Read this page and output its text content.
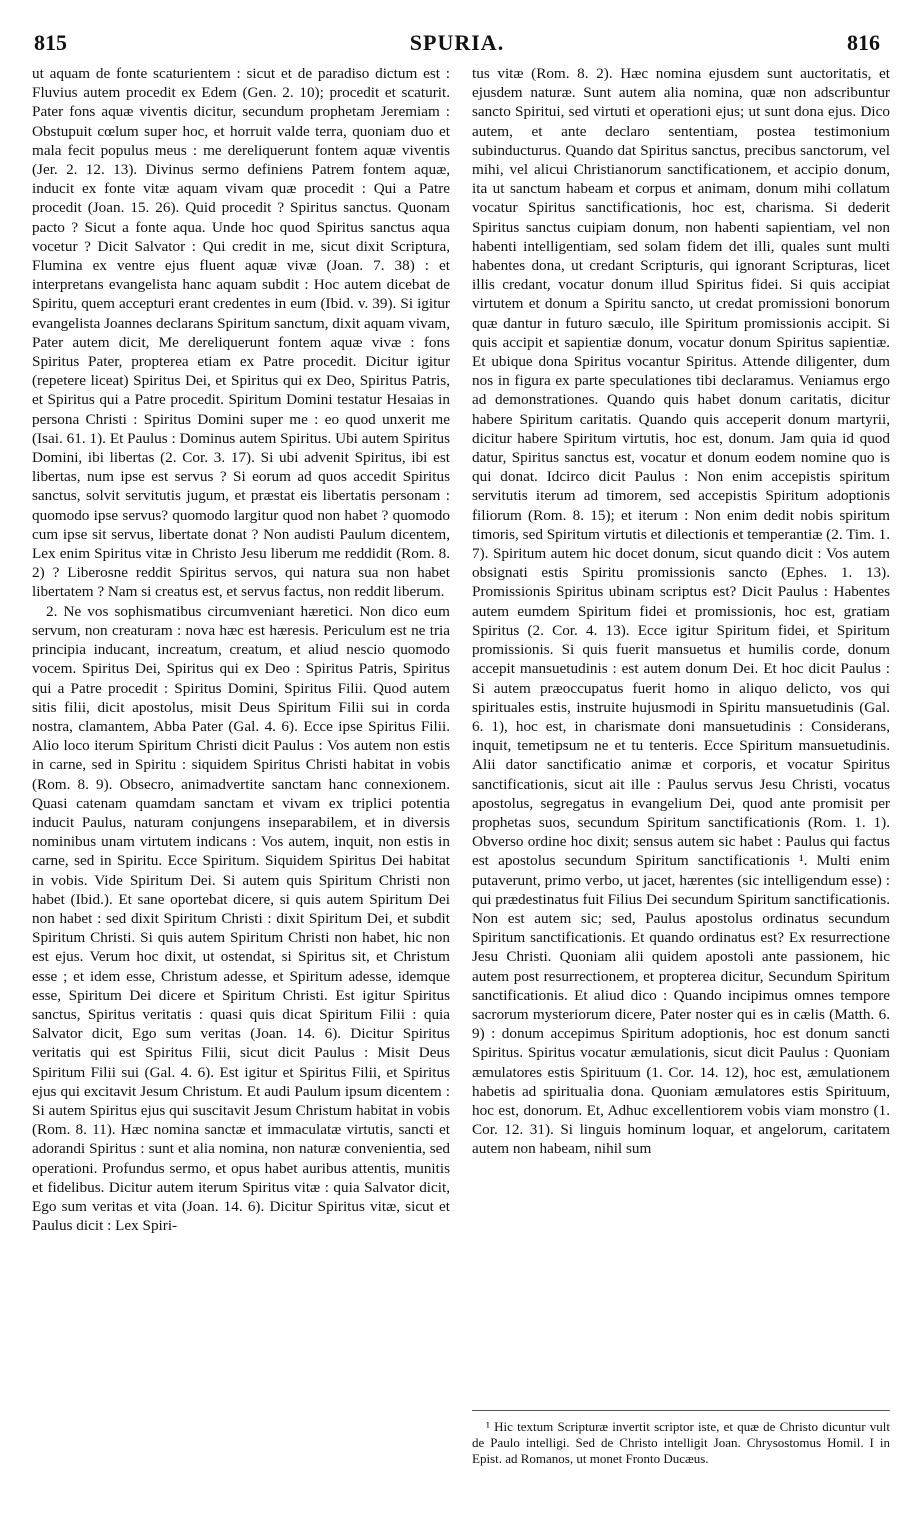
815	SPURIA.	816

ut aquam de fonte scaturientem : sicut et de paradiso dictum est : Fluvius autem procedit ex Edem (Gen. 2. 10); procedit et scaturit. Pater fons aquæ viventis dicitur, secundum prophetam Jeremiam : Obstupuit cœlum super hoc, et horruit valde terra, quoniam duo et mala fecit populus meus : me dereliquerunt fontem aquæ viventis (Jer. 2. 12. 13). Divinus sermo definiens Patrem fontem aquæ, inducit ex fonte vitæ aquam vivam quæ procedit : Qui a Patre procedit (Joan. 15. 26). Quid procedit ? Spiritus sanctus. Quonam pacto ? Sicut a fonte aqua. Unde hoc quod Spiritus sanctus aqua vocetur ? Dicit Salvator : Qui credit in me, sicut dixit Scriptura, Flumina ex ventre ejus fluent aquæ vivæ (Joan. 7. 38) : et interpretans evangelista hanc aquam subdit : Hoc autem dicebat de Spiritu, quem accepturi erant credentes in eum (Ibid. v. 39). Si igitur evangelista Joannes declarans Spiritum sanctum, dixit aquam vivam, Pater autem dicit, Me dereliquerunt fontem aquæ vivæ : fons Spiritus Pater, propterea etiam ex Patre procedit. Dicitur igitur (repetere liceat) Spiritus Dei, et Spiritus qui ex Deo, Spiritus Patris, et Spiritus qui a Patre procedit. Spiritum Domini testatur Hesaias in persona Christi : Spiritus Domini super me : eo quod unxerit me (Isai. 61. 1). Et Paulus : Dominus autem Spiritus. Ubi autem Spiritus Domini, ibi libertas (2. Cor. 3. 17). Si ubi advenit Spiritus, ibi est libertas, num ipse est servus ? Si eorum ad quos accedit Spiritus sanctus, solvit servitutis jugum, et præstat eis libertatis personam : quomodo ipse servus? quomodo largitur quod non habet ? quomodo cum ipse sit servus, libertate donat ? Non audisti Paulum dicentem, Lex enim Spiritus vitæ in Christo Jesu liberum me reddidit (Rom. 8. 2) ? Liberosne reddit Spiritus servos, qui natura sua non habet libertatem ? Nam si creatus est, et servus factus, non reddit liberum.

2. Ne vos sophismatibus circumveniant hæretici. Non dico eum servum, non creaturam : nova hæc est hæresis. Periculum est ne tria principia inducant, increatum, creatum, et aliud nescio quomodo vocem. Spiritus Dei, Spiritus qui ex Deo : Spiritus Patris, Spiritus qui a Patre procedit : Spiritus Domini, Spiritus Filii. Quod autem sitis filii, dicit apostolus, misit Deus Spiritum Filii sui in corda nostra, clamantem, Abba Pater (Gal. 4. 6). Ecce ipse Spiritus Filii. Alio loco iterum Spiritum Christi dicit Paulus : Vos autem non estis in carne, sed in Spiritu : siquidem Spiritus Christi habitat in vobis (Rom. 8. 9). Obsecro, animadvertite sanctam hanc connexionem. Quasi catenam quamdam sanctam et vivam ex triplici potentia inducit Paulus, naturam conjungens inseparabilem, et in diversis nominibus unam virtutem indicans : Vos autem, inquit, non estis in carne, sed in Spiritu. Ecce Spiritum. Siquidem Spiritus Dei habitat in vobis. Vide Spiritum Dei. Si autem quis Spiritum Christi non habet (Ibid.). Et sane oportebat dicere, si quis autem Spiritum Dei non habet : sed dixit Spiritum Christi : dixit Spiritum Dei, et subdit Spiritum Christi. Si quis autem Spiritum Christi non habet, hic non est ejus. Verum hoc dixit, ut ostendat, si Spiritus sit, et Christum esse ; et idem esse, Christum adesse, et Spiritum adesse, idemque esse, Spiritum Dei dicere et Spiritum Christi. Est igitur Spiritus sanctus, Spiritus veritatis : quasi quis dicat Spiritum Filii : quia Salvator dicit, Ego sum veritas (Joan. 14. 6). Dicitur Spiritus veritatis qui est Spiritus Filii, sicut dicit Paulus : Misit Deus Spiritum Filii sui (Gal. 4. 6). Est igitur et Spiritus Filii, et Spiritus ejus qui excitavit Jesum Christum. Et audi Paulum ipsum dicentem : Si autem Spiritus ejus qui suscitavit Jesum Christum habitat in vobis (Rom. 8. 11). Hæc nomina sanctæ et immaculatæ virtutis, sancti et adorandi Spiritus : sunt et alia nomina, non naturæ convenientia, sed operationi. Profundus sermo, et opus habet auribus attentis, munitis et fidelibus. Dicitur autem iterum Spiritus vitæ : quia Salvator dicit, Ego sum veritas et vita (Joan. 14. 6). Dicitur Spiritus vitæ, sicut et Paulus dicit : Lex Spiri-

tus vitæ (Rom. 8. 2). Hæc nomina ejusdem sunt auctoritatis, et ejusdem naturæ. Sunt autem alia nomina, quæ non adscribuntur sancto Spiritui, sed virtuti et operationi ejus; ut sunt dona ejus. Dico autem, et ante declaro sententiam, postea testimonium subinducturus. Quando dat Spiritus sanctus, precibus sanctorum, vel mihi, vel alicui Christianorum sanctificationem, et accipio donum, ita ut sanctum habeam et corpus et animam, donum mihi collatum vocatur Spiritus sanctificationis, hoc est, charisma. Si dederit Spiritus sanctus cuipiam donum, non habenti sapientiam, vel non habenti intelligentiam, sed solam fidem det illi, quales sunt multi habentes dona, ut credant Scripturis, qui ignorant Scripturas, licet illis credant, vocatur donum illud Spiritus fidei. Si quis accipiat virtutem et donum a Spiritu sancto, ut credat promissioni bonorum quæ dantur in futuro sæculo, ille Spiritum promissionis accipit. Si quis accipit et sapientiæ donum, vocatur donum Spiritus sapientiæ. Et ubique dona Spiritus vocantur Spiritus. Attende diligenter, dum nos in figura ex parte speculationes tibi declaramus. Veniamus ergo ad demonstrationes. Quando quis habet donum caritatis, dicitur habere Spiritum caritatis. Quando quis acceperit donum martyrii, dicitur habere Spiritum virtutis, hoc est, donum. Jam quia id quod datur, Spiritus sanctus est, vocatur et donum eodem nomine quo is qui donat. Idcirco dicit Paulus : Non enim accepistis spiritum servitutis iterum ad timorem, sed accepistis Spiritum adoptionis filiorum (Rom. 8. 15); et iterum : Non enim dedit nobis spiritum timoris, sed Spiritum virtutis et dilectionis et temperantiæ (2. Tim. 1. 7). Spiritum autem hic docet donum, sicut quando dicit : Vos autem obsignati estis Spiritu promissionis sancto (Ephes. 1. 13). Promissionis Spiritus ubinam scriptus est? Dicit Paulus : Habentes autem eumdem Spiritum fidei et promissionis, hoc est, gratiam Spiritus (2. Cor. 4. 13). Ecce igitur Spiritum fidei, et Spiritum promissionis. Si quis fuerit mansuetus et humilis corde, donum accepit mansuetudinis : est autem donum Dei. Et hoc dicit Paulus : Si autem præoccupatus fuerit homo in aliquo delicto, vos qui spirituales estis, instruite hujusmodi in Spiritu mansuetudinis (Gal. 6. 1), hoc est, in charismate doni mansuetudinis : Considerans, inquit, temetipsum ne et tu tenteris. Ecce Spiritum mansuetudinis. Alii dator sanctificatio animæ et corporis, et vocatur Spiritus sanctificationis, sicut ait ille : Paulus servus Jesu Christi, vocatus apostolus, segregatus in evangelium Dei, quod ante promisit per prophetas suos, secundum Spiritum sanctificationis (Rom. 1. 1). Obverso ordine hoc dixit; sensus autem sic habet : Paulus qui factus est apostolus secundum Spiritum sanctificationis ¹. Multi enim putaverunt, primo verbo, ut jacet, hærentes (sic intelligendum esse) : qui prædestinatus fuit Filius Dei secundum Spiritum sanctificationis. Non est autem sic; sed, Paulus apostolus ordinatus secundum Spiritum sanctificationis. Et quando ordinatus est? Ex resurrectione Jesu Christi. Quoniam alii quidem apostoli ante passionem, hic autem post resurrectionem, et propterea dicitur, Secundum Spiritum sanctificationis. Et aliud dico : Quando incipimus omnes tempore sacrorum mysteriorum dicere, Pater noster qui es in cælis (Matth. 6. 9) : donum accepimus Spiritum adoptionis, hoc est donum sancti Spiritus. Spiritus vocatur æmulationis, sicut dicit Paulus : Quoniam æmulatores estis Spirituum (1. Cor. 14. 12), hoc est, æmulationem habetis ad spiritualia dona. Quoniam æmulatores estis Spirituum, hoc est, donorum. Et, Adhuc excellentiorem vobis viam monstro (1. Cor. 12. 31). Si linguis hominum loquar, et angelorum, caritatem autem non habeam, nihil sum

¹ Hic textum Scripturæ invertit scriptor iste, et quæ de Christo dicuntur vult de Paulo intelligi. Sed de Christo intelligit Joan. Chrysostomus Homil. I in Epist. ad Romanos, ut monet Fronto Ducæus.
